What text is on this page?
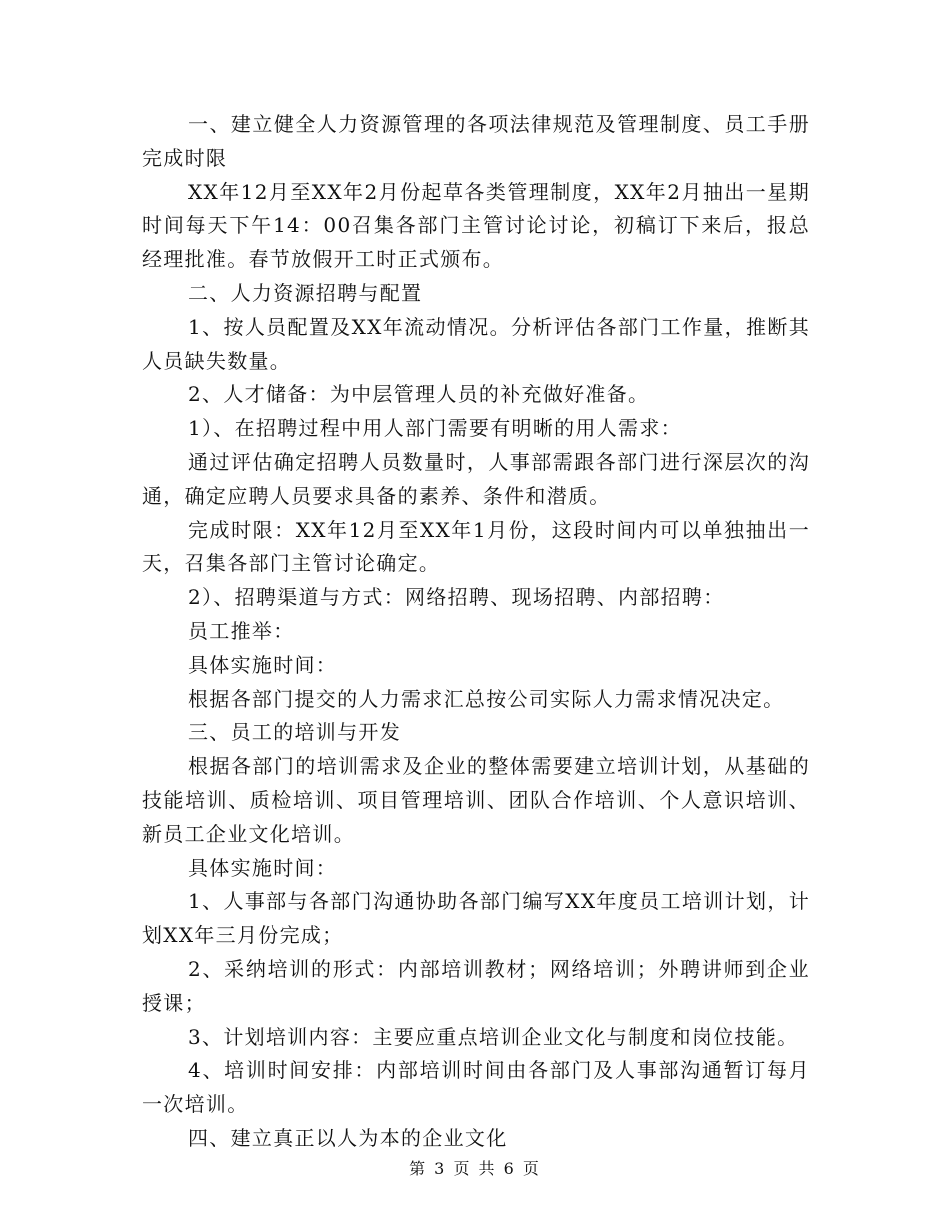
一、建立健全人力资源管理的各项法律规范及管理制度、员工手册完成时限

XX年12月至XX年2月份起草各类管理制度，XX年2月抽出一星期时间每天下午14：00召集各部门主管讨论讨论，初稿订下来后，报总经理批准。春节放假开工时正式颁布。

二、人力资源招聘与配置

1、按人员配置及XX年流动情况。分析评估各部门工作量，推断其人员缺失数量。

2、人才储备：为中层管理人员的补充做好准备。

1）、在招聘过程中用人部门需要有明晰的用人需求：

通过评估确定招聘人员数量时，人事部需跟各部门进行深层次的沟通，确定应聘人员要求具备的素养、条件和潜质。

完成时限：XX年12月至XX年1月份，这段时间内可以单独抽出一天，召集各部门主管讨论确定。

2）、招聘渠道与方式：网络招聘、现场招聘、内部招聘：

员工推举：

具体实施时间：

根据各部门提交的人力需求汇总按公司实际人力需求情况决定。

三、员工的培训与开发

根据各部门的培训需求及企业的整体需要建立培训计划，从基础的技能培训、质检培训、项目管理培训、团队合作培训、个人意识培训、新员工企业文化培训。

具体实施时间：

1、人事部与各部门沟通协助各部门编写XX年度员工培训计划，计划XX年三月份完成；

2、采纳培训的形式：内部培训教材；网络培训；外聘讲师到企业授课；

3、计划培训内容：主要应重点培训企业文化与制度和岗位技能。

4、培训时间安排：内部培训时间由各部门及人事部沟通暂订每月一次培训。

四、建立真正以人为本的企业文化

第 3 页 共 6 页
